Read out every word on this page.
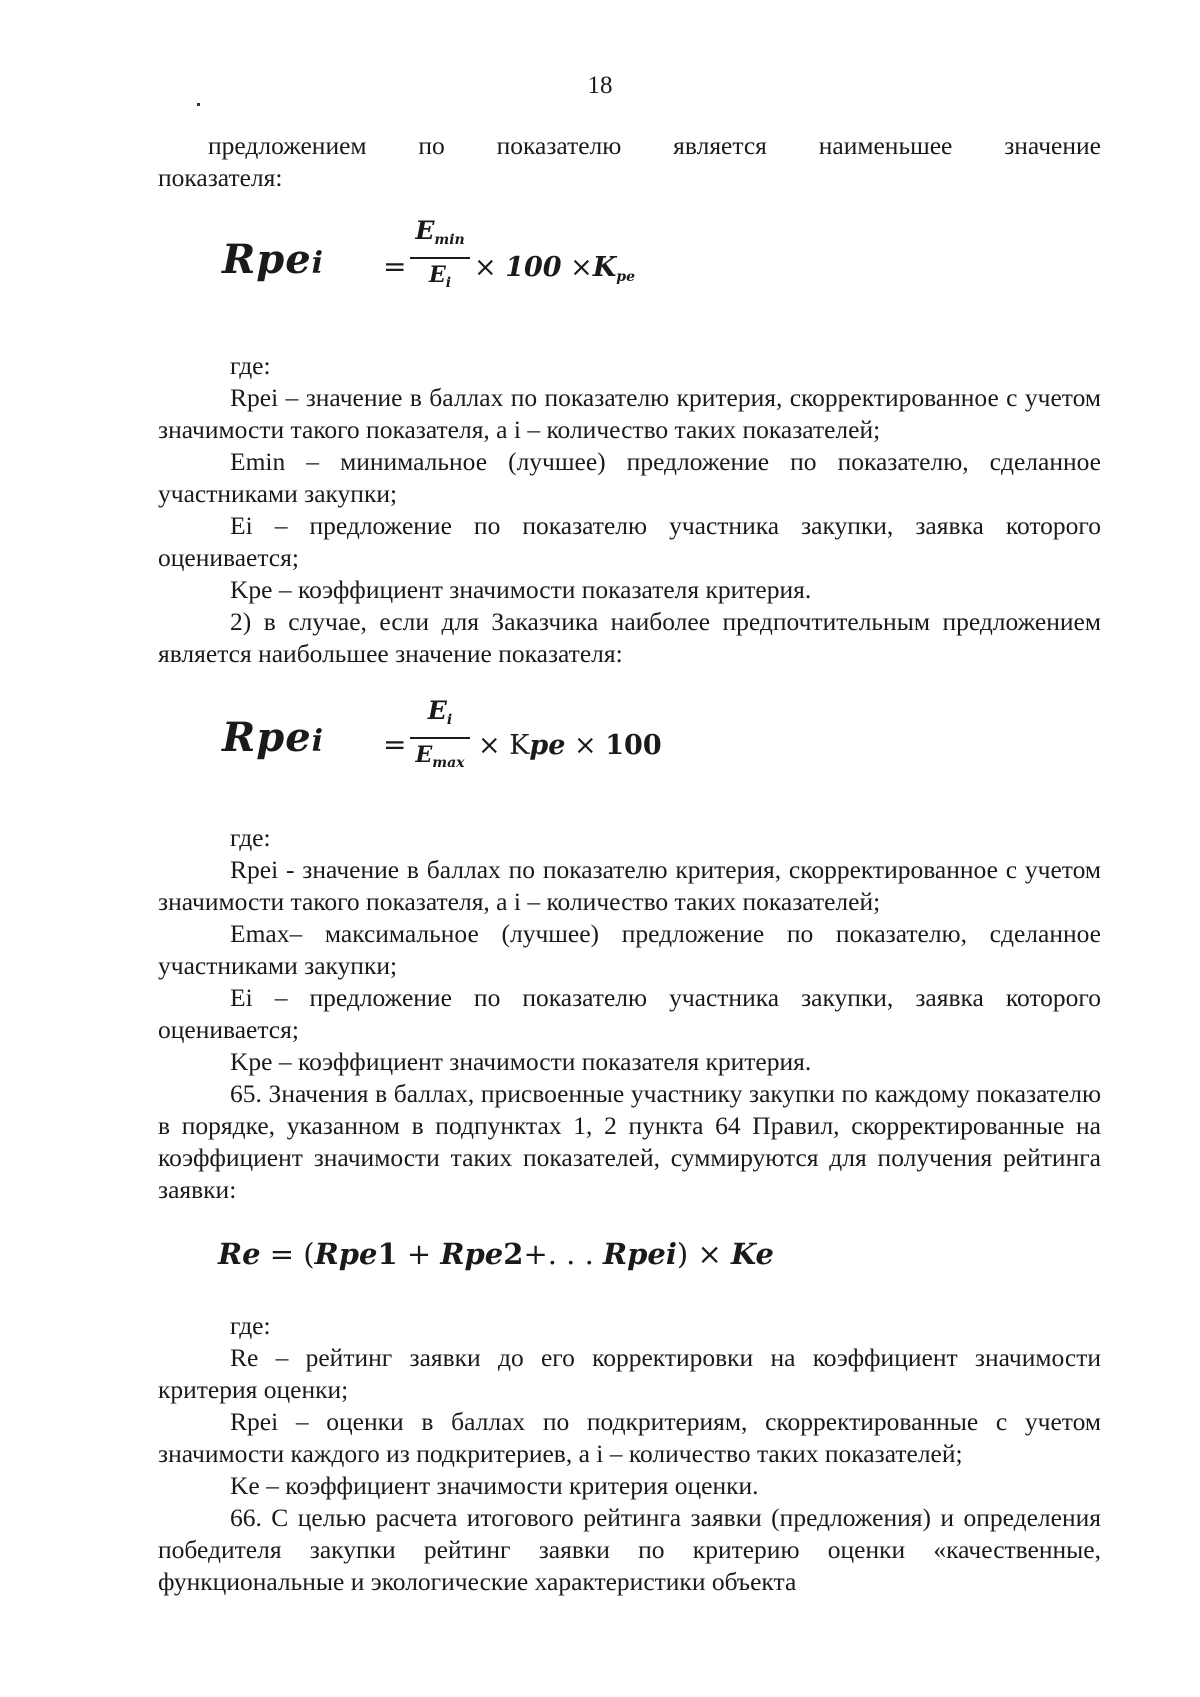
18
предложением по показателю является наименьшее значение
показателя:
Rpei =
$E_{min}$
$E_i \times 100 \times K_{pe}$

где:

Rpei – значение в баллах по показателю критерия, скорректированное с учетом значимости такого показателя, а i – количество таких показателей;

Emin – минимальное (лучшее) предложение по показателю, сделанное участниками закупки;

Ei – предложение по показателю участника закупки, заявка которого оценивается;

Kpe – коэффициент значимости показателя критерия.

2) в случае, если для Заказчика наиболее предпочтительным предложением является наибольшее значение показателя:

Rpei =
$E_i$
$E_{max}$
× Kpe × 100

где:

Rpei - значение в баллах по показателю критерия, скорректированное с учетом значимости такого показателя, а i – количество таких показателей;

Emax– максимальное (лучшее) предложение по показателю, сделанное участниками закупки;

Ei – предложение по показателю участника закупки, заявка которого оценивается;

Kpe – коэффициент значимости показателя критерия.

65. Значения в баллах, присвоенные участнику закупки по каждому показателю в порядке, указанном в подпунктах 1, 2 пункта 64 Правил, скорректированные на коэффициент значимости таких показателей, суммируются для получения рейтинга заявки:

Re = (Rpe1 + Rpe2+. . . Rpei) × Ke

где:

Re – рейтинг заявки до его корректировки на коэффициент значимости критерия оценки;

Rpei – оценки в баллах по подкритериям, скорректированные с учетом значимости каждого из подкритериев, а i – количество таких показателей;

Ke – коэффициент значимости критерия оценки.

66. С целью расчета итогового рейтинга заявки (предложения) и определения победителя закупки рейтинг заявки по критерию оценки «качественные, функциональные и экологические характеристики объекта
